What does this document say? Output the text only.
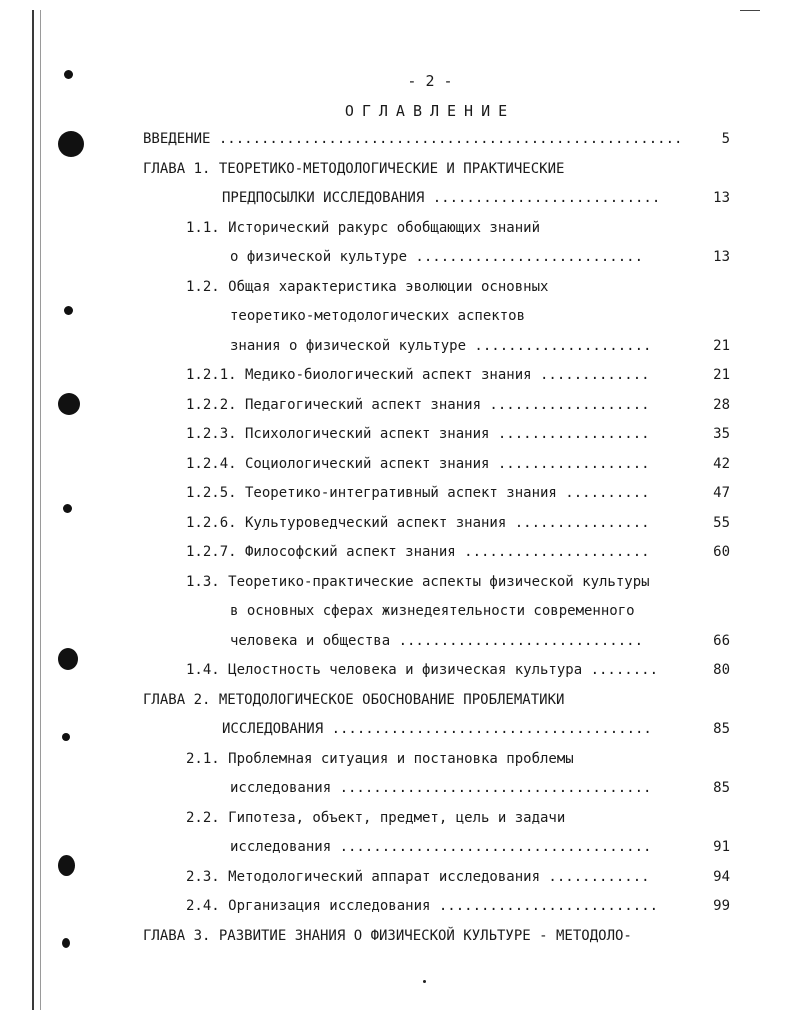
- 2 -
ОГЛАВЛЕНИЕ
ВВЕДЕНИЕ .......................................................	5
ГЛАВА 1. ТЕОРЕТИКО-МЕТОДОЛОГИЧЕСКИЕ И ПРАКТИЧЕСКИЕ
ПРЕДПОСЫЛКИ ИССЛЕДОВАНИЯ ...........................	13
1.1. Исторический ракурс обобщающих знаний
о физической культуре ...........................	13
1.2. Общая характеристика эволюции основных
теоретико-методологических аспектов
знания о физической культуре .....................	21
1.2.1. Медико-биологический аспект знания .............	21
1.2.2. Педагогический аспект знания ...................	28
1.2.3. Психологический аспект знания ..................	35
1.2.4. Социологический аспект знания ..................	42
1.2.5. Теоретико-интегративный аспект знания ..........	47
1.2.6. Культуроведческий аспект знания ................	55
1.2.7. Философский аспект знания ......................	60
1.3. Теоретико-практические аспекты физической культуры
в основных сферах жизнедеятельности современного
человека и общества .............................	66
1.4. Целостность человека и физическая культура ........	80
ГЛАВА 2. МЕТОДОЛОГИЧЕСКОЕ ОБОСНОВАНИЕ ПРОБЛЕМАТИКИ
ИССЛЕДОВАНИЯ ......................................	85
2.1. Проблемная ситуация и постановка проблемы
исследования .....................................	85
2.2. Гипотеза, объект, предмет, цель и задачи
исследования .....................................	91
2.3. Методологический аппарат исследования ............	94
2.4. Организация исследования ..........................	99
ГЛАВА 3. РАЗВИТИЕ ЗНАНИЯ О ФИЗИЧЕСКОЙ КУЛЬТУРЕ - МЕТОДОЛО-
